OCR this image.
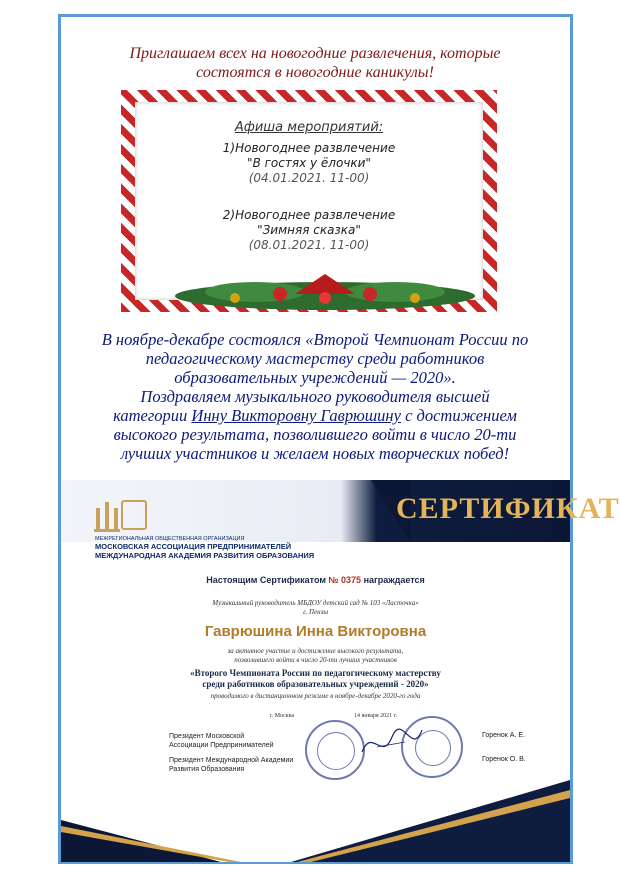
Приглашаем всех на новогодние развлечения, которые
состоятся в новогодние каникулы!
Афиша мероприятий:
1)Новогоднее развлечение
"В гостях у ёлочки"
(04.01.2021. 11-00)
2)Новогоднее развлечение
"Зимняя сказка"
(08.01.2021. 11-00)
В ноябре-декабре состоялся «Второй Чемпионат России по
педагогическому мастерству среди работников
образовательных учреждений — 2020».
Поздравляем музыкального руководителя высшей
категории Инну Викторовну Гаврюшину с достижением
высокого результата, позволившего войти в число 20-ти
лучших участников и желаем новых творческих побед!
СЕРТИФИКАТ
МЕЖРЕГИОНАЛЬНАЯ ОБЩЕСТВЕННАЯ ОРГАНИЗАЦИЯ
МОСКОВСКАЯ АССОЦИАЦИЯ ПРЕДПРИНИМАТЕЛЕЙ
МЕЖДУНАРОДНАЯ АКАДЕМИЯ РАЗВИТИЯ ОБРАЗОВАНИЯ
Настоящим Сертификатом № 0375 награждается
Музыкальный руководитель МБДОУ детский сад № 103 «Ласточка»
г. Пензы
Гаврюшина Инна Викторовна
за активное участие и достижение высокого результата,
позволившего войти в число 20-ти лучших участников
«Второго Чемпионата России по педагогическому мастерству
среди работников образовательных учреждений - 2020»
проводимого в дистанционном режиме в ноябре-декабре 2020-го года
г. Москва	14 января 2021 г.
Президент Московской
Ассоциации Предпринимателей
Президент Международной Академии
Развития Образования
Горенок А. Е.
Горенок О. В.
